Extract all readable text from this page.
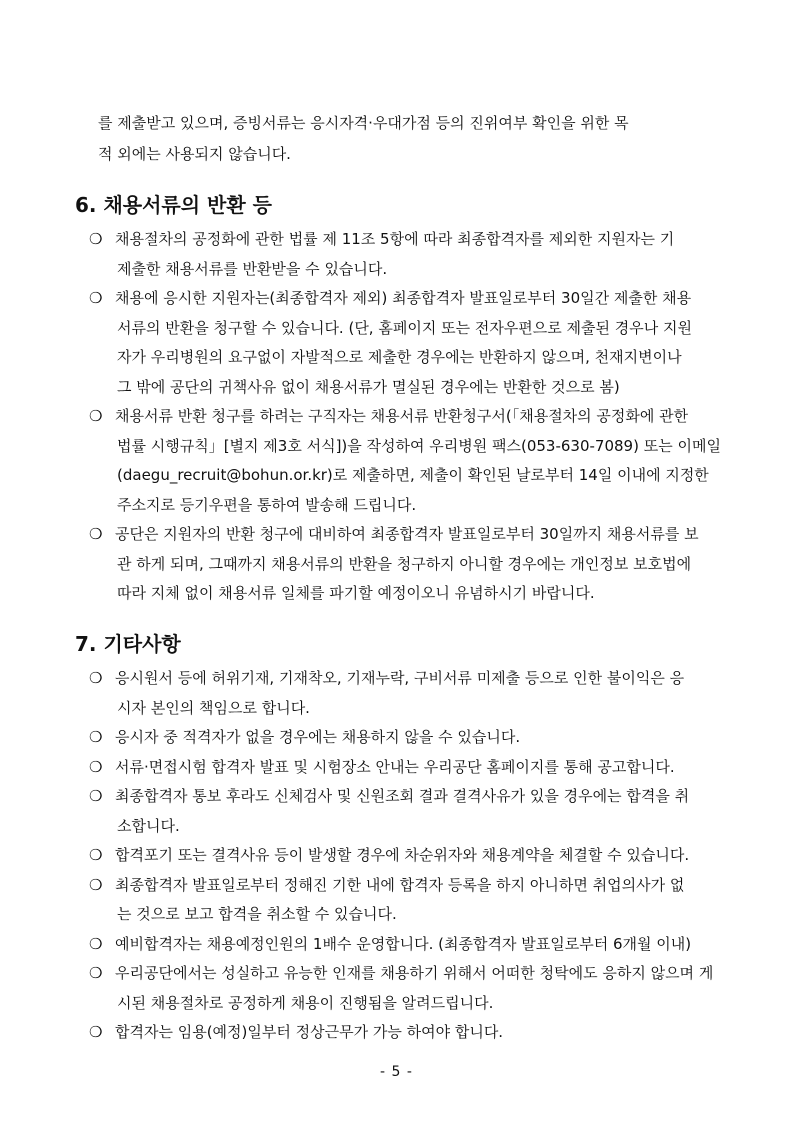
를 제출받고 있으며, 증빙서류는 응시자격·우대가점 등의 진위여부 확인을 위한 목
적 외에는 사용되지 않습니다.
6. 채용서류의 반환 등
❍ 채용절차의 공정화에 관한 법률 제 11조 5항에 따라 최종합격자를 제외한 지원자는 기
제출한 채용서류를 반환받을 수 있습니다.
❍ 채용에 응시한 지원자는(최종합격자 제외) 최종합격자 발표일로부터 30일간 제출한 채용
서류의 반환을 청구할 수 있습니다. (단, 홈페이지 또는 전자우편으로 제출된 경우나 지원
자가 우리병원의 요구없이 자발적으로 제출한 경우에는 반환하지 않으며, 천재지변이나
그 밖에 공단의 귀책사유 없이 채용서류가 멸실된 경우에는 반환한 것으로 봄)
❍ 채용서류 반환 청구를 하려는 구직자는 채용서류 반환청구서(「채용절차의 공정화에 관한
법률 시행규칙」[별지 제3호 서식])을 작성하여 우리병원 팩스(053-630-7089) 또는 이메일
(daegu_recruit@bohun.or.kr)로 제출하면, 제출이 확인된 날로부터 14일 이내에 지정한
주소지로 등기우편을 통하여 발송해 드립니다.
❍ 공단은 지원자의 반환 청구에 대비하여 최종합격자 발표일로부터 30일까지 채용서류를 보
관 하게 되며, 그때까지 채용서류의 반환을 청구하지 아니할 경우에는 개인정보 보호법에
따라 지체 없이 채용서류 일체를 파기할 예정이오니 유념하시기 바랍니다.
7. 기타사항
❍ 응시원서 등에 허위기재, 기재착오, 기재누락, 구비서류 미제출 등으로 인한 불이익은 응
시자 본인의 책임으로 합니다.
❍ 응시자 중 적격자가 없을 경우에는 채용하지 않을 수 있습니다.
❍ 서류·면접시험 합격자 발표 및 시험장소 안내는 우리공단 홈페이지를 통해 공고합니다.
❍ 최종합격자 통보 후라도 신체검사 및 신원조회 결과 결격사유가 있을 경우에는 합격을 취
소합니다.
❍ 합격포기 또는 결격사유 등이 발생할 경우에 차순위자와 채용계약을 체결할 수 있습니다.
❍ 최종합격자 발표일로부터 정해진 기한 내에 합격자 등록을 하지 아니하면 취업의사가 없
는 것으로 보고 합격을 취소할 수 있습니다.
❍ 예비합격자는 채용예정인원의 1배수 운영합니다. (최종합격자 발표일로부터 6개월 이내)
❍ 우리공단에서는 성실하고 유능한 인재를 채용하기 위해서 어떠한 청탁에도 응하지 않으며 게
시된 채용절차로 공정하게 채용이 진행됨을 알려드립니다.
❍ 합격자는 임용(예정)일부터 정상근무가 가능 하여야 합니다.
- 5 -
